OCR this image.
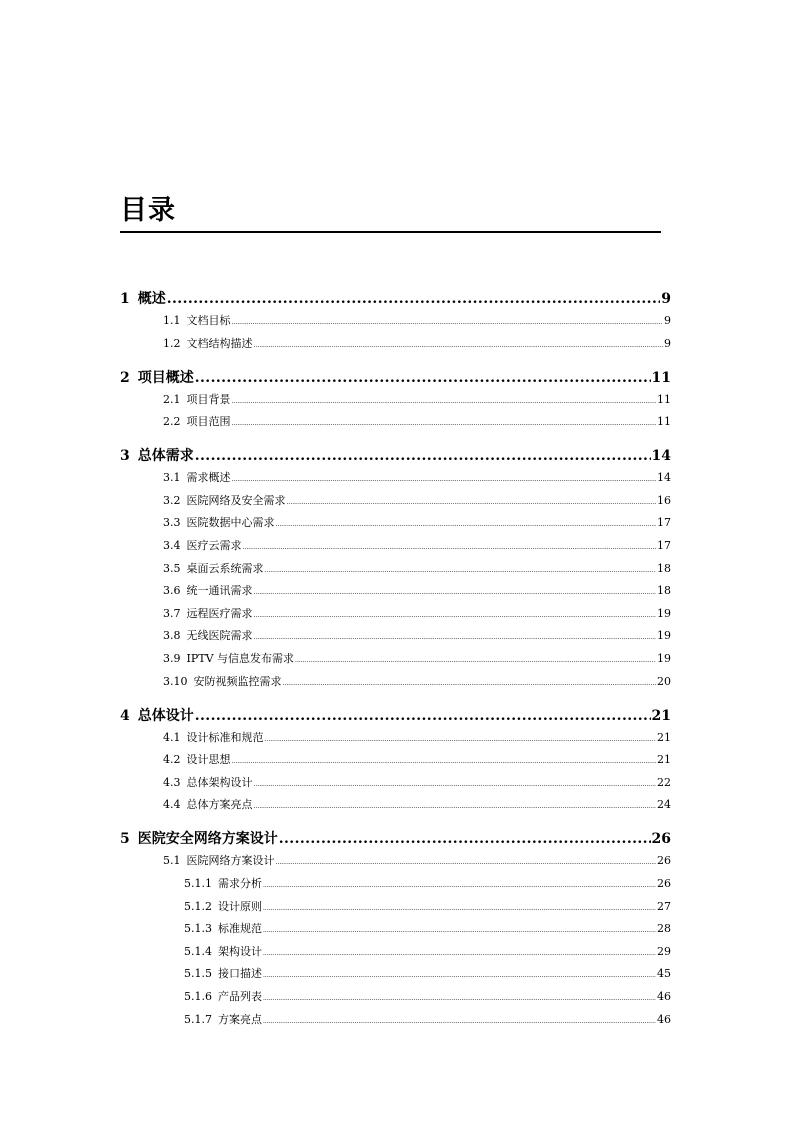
目录
1 概述 .....	9
1.1 文档目标 .....	9
1.2 文档结构描述 .....	9
2 项目概述 .....	11
2.1 项目背景 .....	11
2.2 项目范围 .....	11
3 总体需求 .....	14
3.1 需求概述 .....	14
3.2 医院网络及安全需求 .....	16
3.3 医院数据中心需求 .....	17
3.4 医疗云需求 .....	17
3.5 桌面云系统需求 .....	18
3.6 统一通讯需求 .....	18
3.7 远程医疗需求 .....	19
3.8 无线医院需求 .....	19
3.9 IPTV 与信息发布需求 .....	19
3.10 安防视频监控需求 .....	20
4 总体设计 .....	21
4.1 设计标准和规范 .....	21
4.2 设计思想 .....	21
4.3 总体架构设计 .....	22
4.4 总体方案亮点 .....	24
5 医院安全网络方案设计 .....	26
5.1 医院网络方案设计 .....	26
5.1.1 需求分析 .....	26
5.1.2 设计原则 .....	27
5.1.3 标准规范 .....	28
5.1.4 架构设计 .....	29
5.1.5 接口描述 .....	45
5.1.6 产品列表 .....	46
5.1.7 方案亮点 .....	46
